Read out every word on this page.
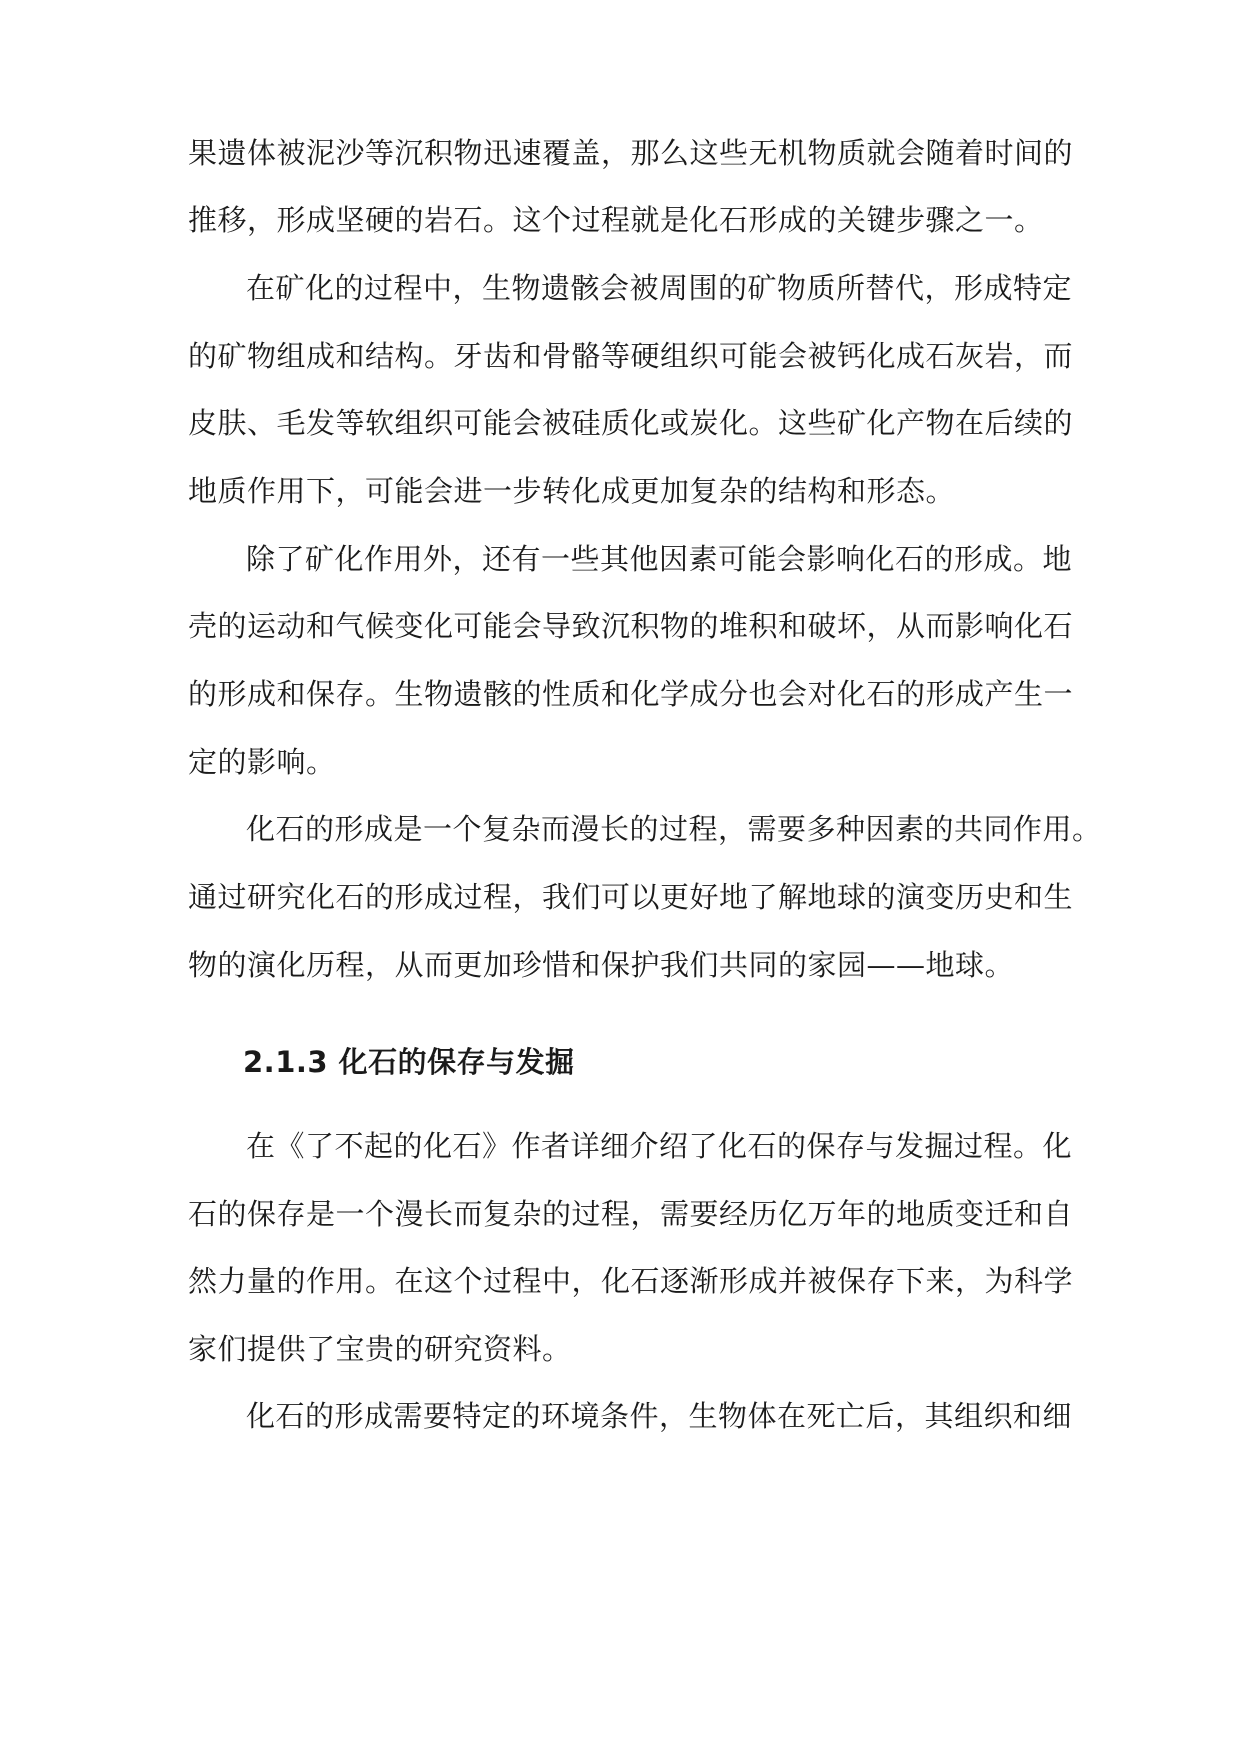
果遗体被泥沙等沉积物迅速覆盖，那么这些无机物质就会随着时间的
推移，形成坚硬的岩石。这个过程就是化石形成的关键步骤之一。
在矿化的过程中，生物遗骸会被周围的矿物质所替代，形成特定
的矿物组成和结构。牙齿和骨骼等硬组织可能会被钙化成石灰岩，而
皮肤、毛发等软组织可能会被硅质化或炭化。这些矿化产物在后续的
地质作用下，可能会进一步转化成更加复杂的结构和形态。
除了矿化作用外，还有一些其他因素可能会影响化石的形成。地
壳的运动和气候变化可能会导致沉积物的堆积和破坏，从而影响化石
的形成和保存。生物遗骸的性质和化学成分也会对化石的形成产生一
定的影响。
化石的形成是一个复杂而漫长的过程，需要多种因素的共同作用。
通过研究化石的形成过程，我们可以更好地了解地球的演变历史和生
物的演化历程，从而更加珍惜和保护我们共同的家园——地球。
2.1.3 化石的保存与发掘
在《了不起的化石》作者详细介绍了化石的保存与发掘过程。化
石的保存是一个漫长而复杂的过程，需要经历亿万年的地质变迁和自
然力量的作用。在这个过程中，化石逐渐形成并被保存下来，为科学
家们提供了宝贵的研究资料。
化石的形成需要特定的环境条件，生物体在死亡后，其组织和细
